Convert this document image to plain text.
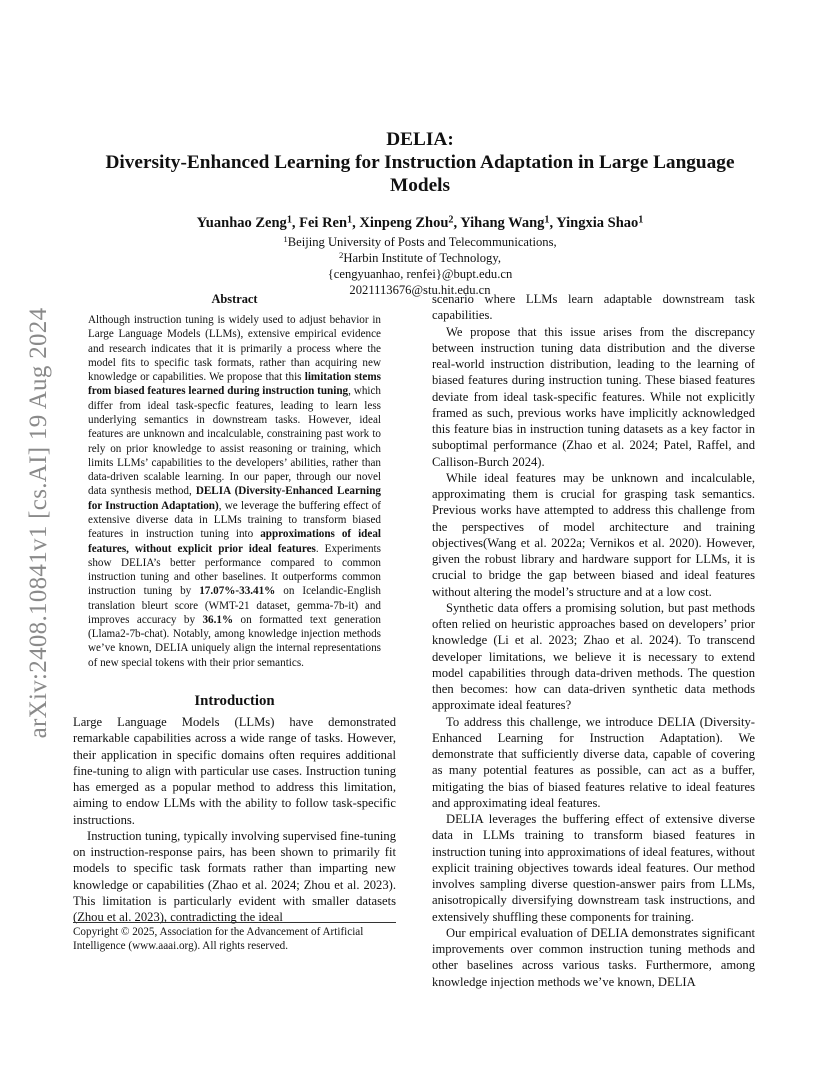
arXiv:2408.10841v1 [cs.AI] 19 Aug 2024
DELIA:
Diversity-Enhanced Learning for Instruction Adaptation in Large Language
Models
Yuanhao Zeng$^1$, Fei Ren$^1$, Xinpeng Zhou$^2$, Yihang Wang$^1$, Yingxia Shao$^1$
$^1$Beijing University of Posts and Telecommunications,
$^2$Harbin Institute of Technology,
{cengyuanhao, renfei}@bupt.edu.cn
2021113676@stu.hit.edu.cn
Abstract

Although instruction tuning is widely used to adjust behavior in Large Language Models (LLMs), extensive empirical evidence and research indicates that it is primarily a process where the model fits to specific task formats, rather than acquiring new knowledge or capabilities. We propose that this limitation stems from biased features learned during instruction tuning, which differ from ideal task-specfic features, leading to learn less underlying semantics in downstream tasks. However, ideal features are unknown and incalculable, constraining past work to rely on prior knowledge to assist reasoning or training, which limits LLMs’ capabilities to the developers’ abilities, rather than data-driven scalable learning. In our paper, through our novel data synthesis method, DELIA (Diversity-Enhanced Learning for Instruction Adaptation), we leverage the buffering effect of extensive diverse data in LLMs training to transform biased features in instruction tuning into approximations of ideal features, without explicit prior ideal features. Experiments show DELIA’s better performance compared to common instruction tuning and other baselines. It outperforms common instruction tuning by 17.07%-33.41% on Icelandic-English translation bleurt score (WMT-21 dataset, gemma-7b-it) and improves accuracy by 36.1% on formatted text generation (Llama2-7b-chat). Notably, among knowledge injection methods we’ve known, DELIA uniquely align the internal representations of new special tokens with their prior semantics.

Introduction

Large Language Models (LLMs) have demonstrated remarkable capabilities across a wide range of tasks. However, their application in specific domains often requires additional fine-tuning to align with particular use cases. Instruction tuning has emerged as a popular method to address this limitation, aiming to endow LLMs with the ability to follow task-specific instructions.

Instruction tuning, typically involving supervised fine-tuning on instruction-response pairs, has been shown to primarily fit models to specific task formats rather than imparting new knowledge or capabilities (Zhao et al. 2024; Zhou et al. 2023). This limitation is particularly evident with smaller datasets (Zhou et al. 2023), contradicting the ideal

scenario where LLMs learn adaptable downstream task capabilities.

We propose that this issue arises from the discrepancy between instruction tuning data distribution and the diverse real-world instruction distribution, leading to the learning of biased features during instruction tuning. These biased features deviate from ideal task-specific features. While not explicitly framed as such, previous works have implicitly acknowledged this feature bias in instruction tuning datasets as a key factor in suboptimal performance (Zhao et al. 2024; Patel, Raffel, and Callison-Burch 2024).

While ideal features may be unknown and incalculable, approximating them is crucial for grasping task semantics. Previous works have attempted to address this challenge from the perspectives of model architecture and training objectives(Wang et al. 2022a; Vernikos et al. 2020). However, given the robust library and hardware support for LLMs, it is crucial to bridge the gap between biased and ideal features without altering the model’s structure and at a low cost.

Synthetic data offers a promising solution, but past methods often relied on heuristic approaches based on developers’ prior knowledge (Li et al. 2023; Zhao et al. 2024). To transcend developer limitations, we believe it is necessary to extend model capabilities through data-driven methods. The question then becomes: how can data-driven synthetic data methods approximate ideal features?

To address this challenge, we introduce DELIA (Diversity-Enhanced Learning for Instruction Adaptation). We demonstrate that sufficiently diverse data, capable of covering as many potential features as possible, can act as a buffer, mitigating the bias of biased features relative to ideal features and approximating ideal features.

DELIA leverages the buffering effect of extensive diverse data in LLMs training to transform biased features in instruction tuning into approximations of ideal features, without explicit training objectives towards ideal features. Our method involves sampling diverse question-answer pairs from LLMs, anisotropically diversifying downstream task instructions, and extensively shuffling these components for training.

Our empirical evaluation of DELIA demonstrates significant improvements over common instruction tuning methods and other baselines across various tasks. Furthermore, among knowledge injection methods we’ve known, DELIA

Copyright © 2025, Association for the Advancement of Artificial Intelligence (www.aaai.org). All rights reserved.
